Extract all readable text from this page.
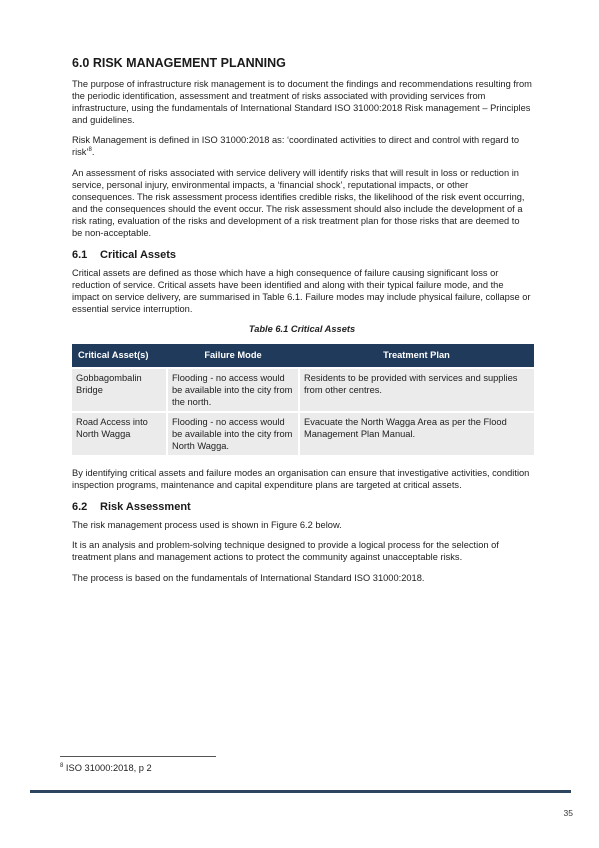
6.0 RISK MANAGEMENT PLANNING

The purpose of infrastructure risk management is to document the findings and recommendations resulting from the periodic identification, assessment and treatment of risks associated with providing services from infrastructure, using the fundamentals of International Standard ISO 31000:2018 Risk management – Principles and guidelines.

Risk Management is defined in ISO 31000:2018 as: ‘coordinated activities to direct and control with regard to risk’$^8$.

An assessment of risks associated with service delivery will identify risks that will result in loss or reduction in service, personal injury, environmental impacts, a ‘financial shock’, reputational impacts, or other consequences. The risk assessment process identifies credible risks, the likelihood of the risk event occurring, and the consequences should the event occur. The risk assessment should also include the development of a risk rating, evaluation of the risks and development of a risk treatment plan for those risks that are deemed to be non-acceptable.

6.1 Critical Assets

Critical assets are defined as those which have a high consequence of failure causing significant loss or reduction of service. Critical assets have been identified and along with their typical failure mode, and the impact on service delivery, are summarised in Table 6.1. Failure modes may include physical failure, collapse or essential service interruption.

Table 6.1 Critical Assets
Critical Asset(s)	Failure Mode	Treatment Plan
Gobbagombalin Bridge	Flooding - no access would be available into the city from the north.	Residents to be provided with services and supplies from other centres.
Road Access into North Wagga	Flooding - no access would be available into the city from North Wagga.	Evacuate the North Wagga Area as per the Flood Management Plan Manual.

By identifying critical assets and failure modes an organisation can ensure that investigative activities, condition inspection programs, maintenance and capital expenditure plans are targeted at critical assets.

6.2 Risk Assessment

The risk management process used is shown in Figure 6.2 below.

It is an analysis and problem-solving technique designed to provide a logical process for the selection of treatment plans and management actions to protect the community against unacceptable risks.

The process is based on the fundamentals of International Standard ISO 31000:2018.

$^8$ ISO 31000:2018, p 2

35
